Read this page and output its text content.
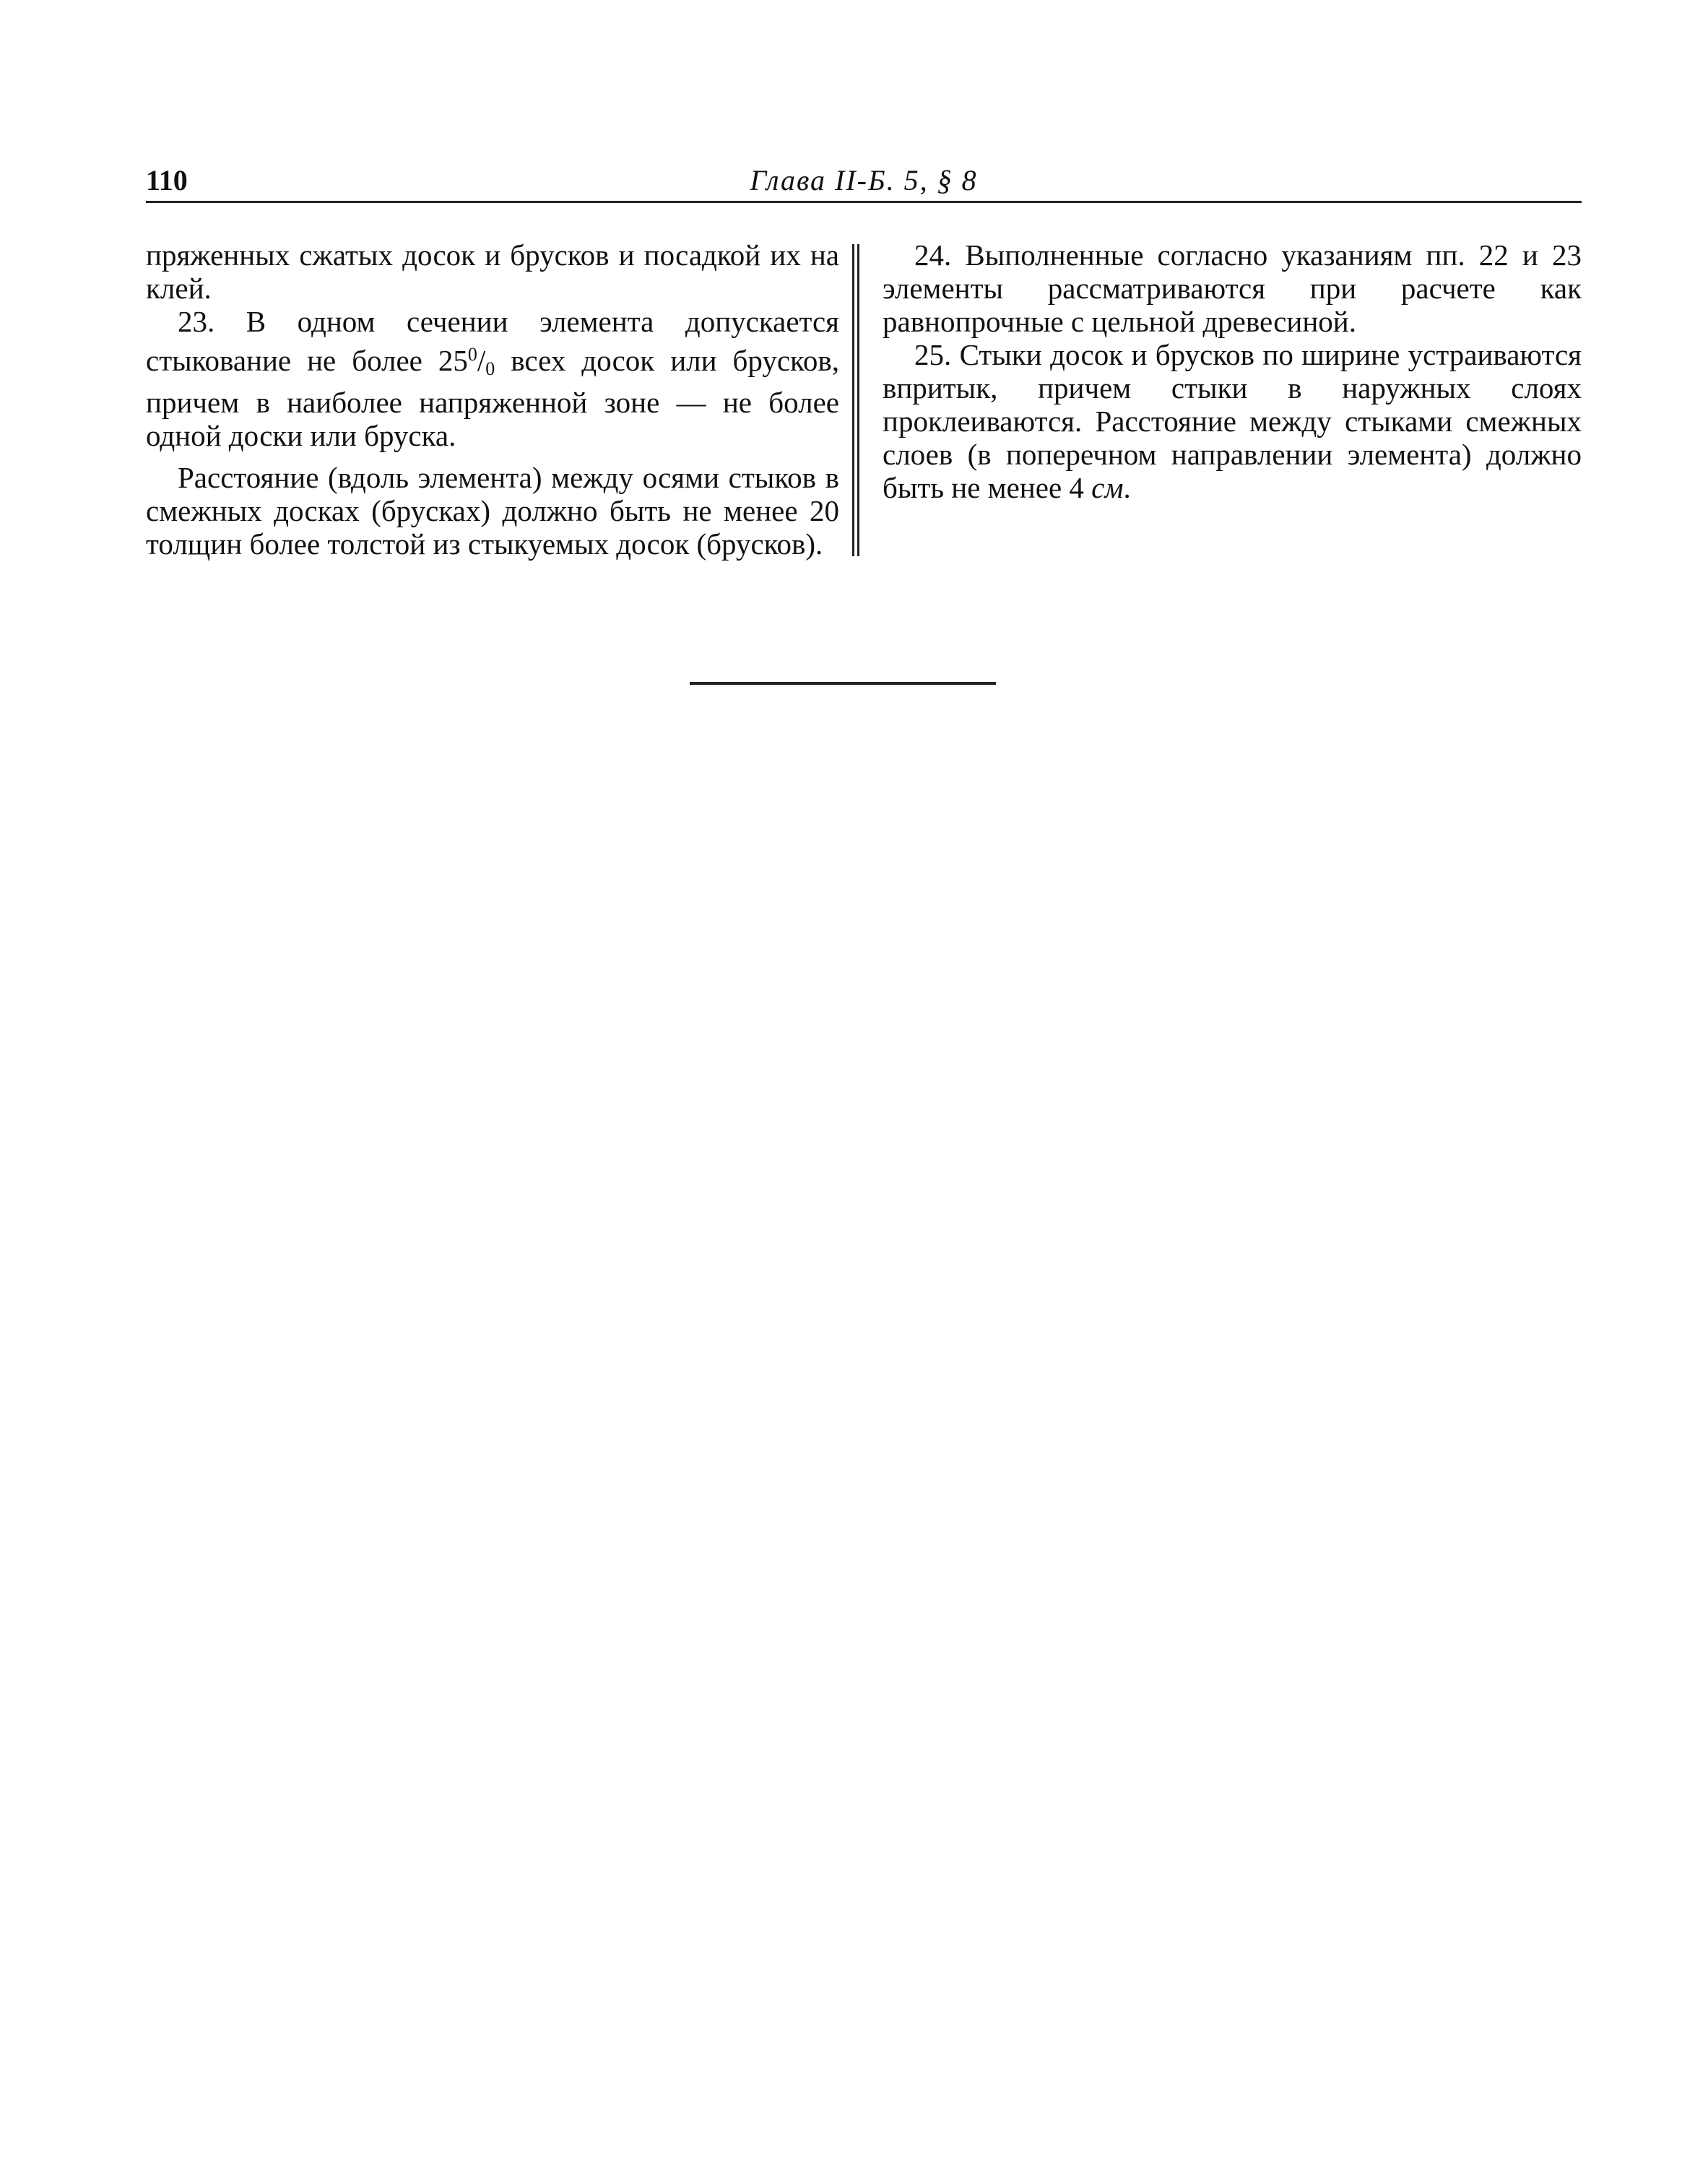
110	Глава II-Б. 5, § 8

пряженных сжатых досок и брусков и посадкой их на клей.

23. В одном сечении элемента допускается стыкование не более $25^0/_0$ всех досок или брусков, причем в наиболее напряженной зоне — не более одной доски или бруска.

Расстояние (вдоль элемента) между осями стыков в смежных досках (брусках) должно быть не менее 20 толщин более толстой из стыкуемых досок (брусков).

24. Выполненные согласно указаниям пп. 22 и 23 элементы рассматриваются при расчете как равнопрочные с цельной древесиной.

25. Стыки досок и брусков по ширине устраиваются впритык, причем стыки в наружных слоях проклеиваются. Расстояние между стыками смежных слоев (в поперечном направлении элемента) должно быть не менее 4 см.
